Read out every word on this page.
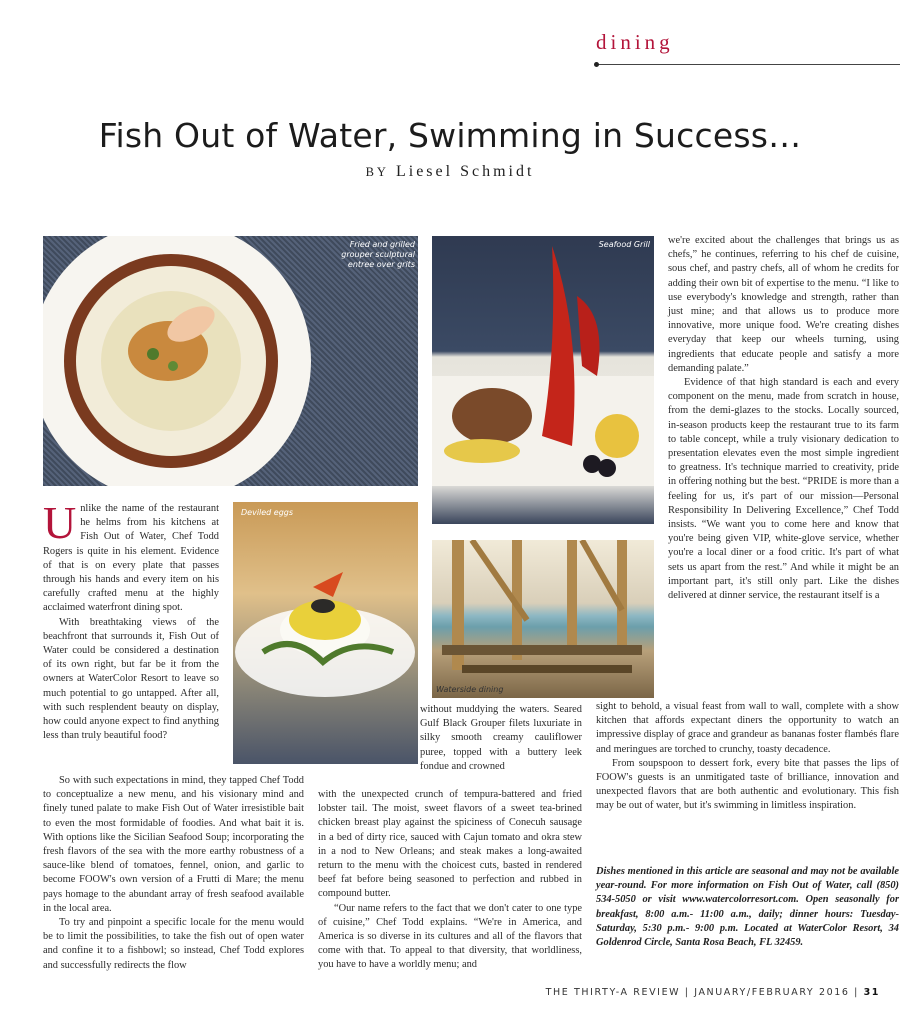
dining
Fish Out of Water, Swimming in Success…
BY Liesel Schmidt
Fried and grilled grouper sculptural entree over grits
Deviled eggs
Seafood Grill
Waterside dining

Unlike the name of the restaurant he helms from his kitchens at Fish Out of Water, Chef Todd Rogers is quite in his element. Evidence of that is on every plate that passes through his hands and every item on his carefully crafted menu at the highly acclaimed waterfront dining spot.

With breathtaking views of the beachfront that surrounds it, Fish Out of Water could be considered a destination of its own right, but far be it from the owners at WaterColor Resort to leave so much potential to go untapped. After all, with such resplendent beauty on display, how could anyone expect to find anything less than truly beautiful food?

So with such expectations in mind, they tapped Chef Todd to conceptualize a new menu, and his visionary mind and finely tuned palate to make Fish Out of Water irresistible bait to even the most formidable of foodies. And what bait it is. With options like the Sicilian Seafood Soup; incorporating the fresh flavors of the sea with the more earthy robustness of a sauce-like blend of tomatoes, fennel, onion, and garlic to become FOOW's own version of a Frutti di Mare; the menu pays homage to the abundant array of fresh seafood available in the local area.

To try and pinpoint a specific locale for the menu would be to limit the possibilities, to take the fish out of open water and confine it to a fishbowl; so instead, Chef Todd explores and successfully redirects the flow

without muddying the waters. Seared Gulf Black Grouper filets luxuriate in silky smooth creamy cauliflower puree, topped with a buttery leek fondue and crowned

with the unexpected crunch of tempura-battered and fried lobster tail. The moist, sweet flavors of a sweet tea-brined chicken breast play against the spiciness of Conecuh sausage in a bed of dirty rice, sauced with Cajun tomato and okra stew in a nod to New Orleans; and steak makes a long-awaited return to the menu with the choicest cuts, basted in rendered beef fat before being seasoned to perfection and rubbed in compound butter.

“Our name refers to the fact that we don't cater to one type of cuisine,” Chef Todd explains. “We're in America, and America is so diverse in its cultures and all of the flavors that come with that. To appeal to that diversity, that worldliness, you have to have a worldly menu; and

we're excited about the challenges that brings us as chefs,” he continues, referring to his chef de cuisine, sous chef, and pastry chefs, all of whom he credits for adding their own bit of expertise to the menu. “I like to use everybody's knowledge and strength, rather than just mine; and that allows us to produce more innovative, more unique food. We're creating dishes everyday that keep our wheels turning, using ingredients that educate people and satisfy a more demanding palate.”

Evidence of that high standard is each and every component on the menu, made from scratch in house, from the demi-glazes to the stocks. Locally sourced, in-season products keep the restaurant true to its farm to table concept, while a truly visionary dedication to presentation elevates even the most simple ingredient to greatness. It's technique married to creativity, pride in offering nothing but the best. “PRIDE is more than a feeling for us, it's part of our mission—Personal Responsibility In Delivering Excellence,” Chef Todd insists. “We want you to come here and know that you're being given VIP, white-glove service, whether you're a local diner or a food critic. It's part of what sets us apart from the rest.” And while it might be an important part, it's still only part. Like the dishes delivered at dinner service, the restaurant itself is a

sight to behold, a visual feast from wall to wall, complete with a show kitchen that affords expectant diners the opportunity to watch an impressive display of grace and grandeur as bananas foster flambés flare and meringues are torched to crunchy, toasty decadence.

From soupspoon to dessert fork, every bite that passes the lips of FOOW's guests is an unmitigated taste of brilliance, innovation and unexpected flavors that are both authentic and evolutionary. This fish may be out of water, but it's swimming in limitless inspiration.

Dishes mentioned in this article are seasonal and may not be available year-round. For more information on Fish Out of Water, call (850) 534-5050 or visit www.watercolorresort.com. Open seasonally for breakfast, 8:00 a.m.- 11:00 a.m., daily; dinner hours: Tuesday- Saturday, 5:30 p.m.- 9:00 p.m. Located at WaterColor Resort, 34 Goldenrod Circle, Santa Rosa Beach, FL 32459.
THE THIRTY-A REVIEW | JANUARY/FEBRUARY 2016 | 31
